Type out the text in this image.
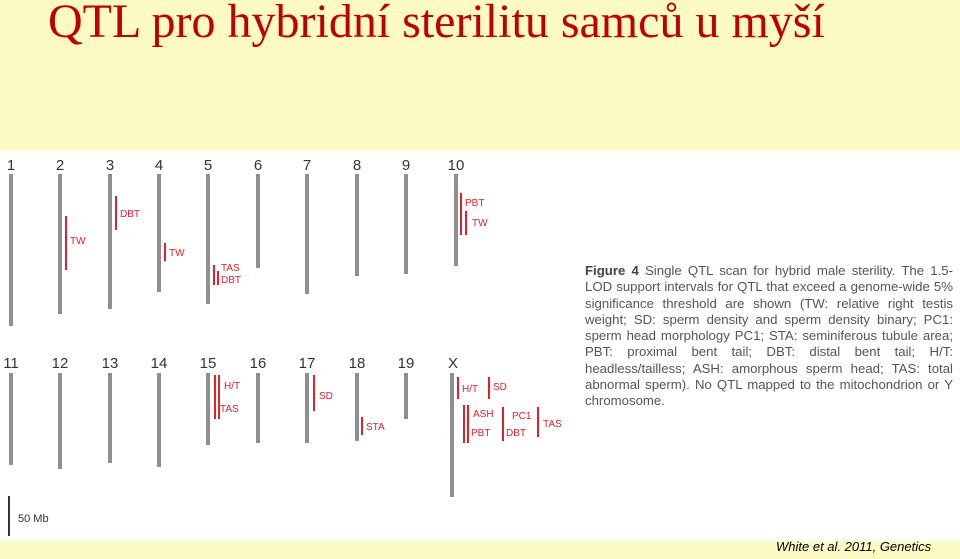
QTL pro hybridní sterilitu samců u myší
1	2	3	4	5	6	7	8	9 10
TW
DBT
TW
TAS
DBT
PBT
TW
11 12 13 14 15 16 17 18 19 X
H/T
TAS
SD
STA
H/T SD
ASH
PBT
PC1
DBT
TAS
50 Mb

Figure 4 Single QTL scan for hybrid male sterility. The 1.5-LOD support intervals for QTL that exceed a genome-wide 5% significance threshold are shown (TW: relative right testis weight; SD: sperm density and sperm density binary; PC1: sperm head morphology PC1; STA: seminiferous tubule area; PBT: proximal bent tail; DBT: distal bent tail; H/T: headless/tailless; ASH: amorphous sperm head; TAS: total abnormal sperm). No QTL mapped to the mitochondrion or Y chromosome.

White et al. 2011, Genetics
